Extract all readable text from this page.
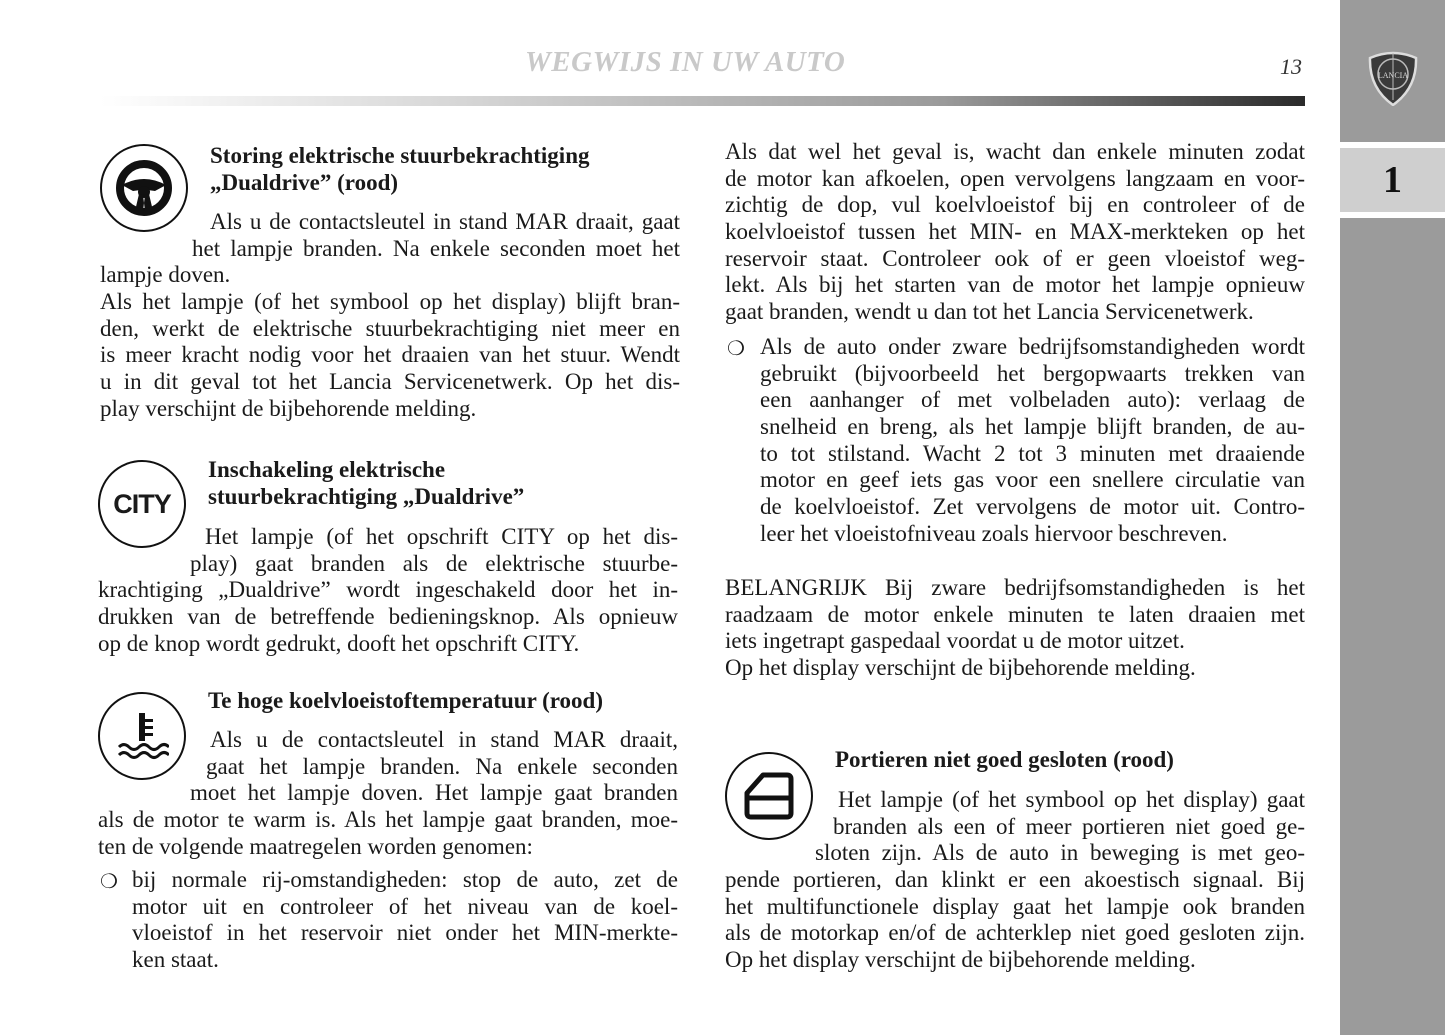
WEGWIJS IN UW AUTO	13	LANCIA
1
Storing elektrische stuurbekrachtiging
„Dualdrive” (rood)
Als u de contactsleutel in stand MAR draait, gaat
het lampje branden. Na enkele seconden moet het
lampje doven.
Als het lampje (of het symbool op het display) blijft bran-
den, werkt de elektrische stuurbekrachtiging niet meer en
is meer kracht nodig voor het draaien van het stuur. Wendt
u in dit geval tot het Lancia Servicenetwerk. Op het dis-
play verschijnt de bijbehorende melding.
CITY
Inschakeling elektrische
stuurbekrachtiging „Dualdrive”
Het lampje (of het opschrift CITY op het dis-
play) gaat branden als de elektrische stuurbe-
krachtiging „Dualdrive” wordt ingeschakeld door het in-
drukken van de betreffende bedieningsknop. Als opnieuw
op de knop wordt gedrukt, dooft het opschrift CITY.
Te hoge koelvloeistoftemperatuur (rood)
Als u de contactsleutel in stand MAR draait,
gaat het lampje branden. Na enkele seconden
moet het lampje doven. Het lampje gaat branden
als de motor te warm is. Als het lampje gaat branden, moe-
ten de volgende maatregelen worden genomen:
❍ bij normale rij-omstandigheden: stop de auto, zet de
motor uit en controleer of het niveau van de koel-
vloeistof in het reservoir niet onder het MIN-merkte-
ken staat.
Als dat wel het geval is, wacht dan enkele minuten zodat
de motor kan afkoelen, open vervolgens langzaam en voor-
zichtig de dop, vul koelvloeistof bij en controleer of de
koelvloeistof tussen het MIN- en MAX-merkteken op het
reservoir staat. Controleer ook of er geen vloeistof weg-
lekt. Als bij het starten van de motor het lampje opnieuw
gaat branden, wendt u dan tot het Lancia Servicenetwerk.
❍ Als de auto onder zware bedrijfsomstandigheden wordt
gebruikt (bijvoorbeeld het bergopwaarts trekken van
een aanhanger of met volbeladen auto): verlaag de
snelheid en breng, als het lampje blijft branden, de au-
to tot stilstand. Wacht 2 tot 3 minuten met draaiende
motor en geef iets gas voor een snellere circulatie van
de koelvloeistof. Zet vervolgens de motor uit. Contro-
leer het vloeistofniveau zoals hiervoor beschreven.
BELANGRIJK Bij zware bedrijfsomstandigheden is het
raadzaam de motor enkele minuten te laten draaien met
iets ingetrapt gaspedaal voordat u de motor uitzet.
Op het display verschijnt de bijbehorende melding.
Portieren niet goed gesloten (rood)
Het lampje (of het symbool op het display) gaat
branden als een of meer portieren niet goed ge-
sloten zijn. Als de auto in beweging is met geo-
pende portieren, dan klinkt er een akoestisch signaal. Bij
het multifunctionele display gaat het lampje ook branden
als de motorkap en/of de achterklep niet goed gesloten zijn.
Op het display verschijnt de bijbehorende melding.
